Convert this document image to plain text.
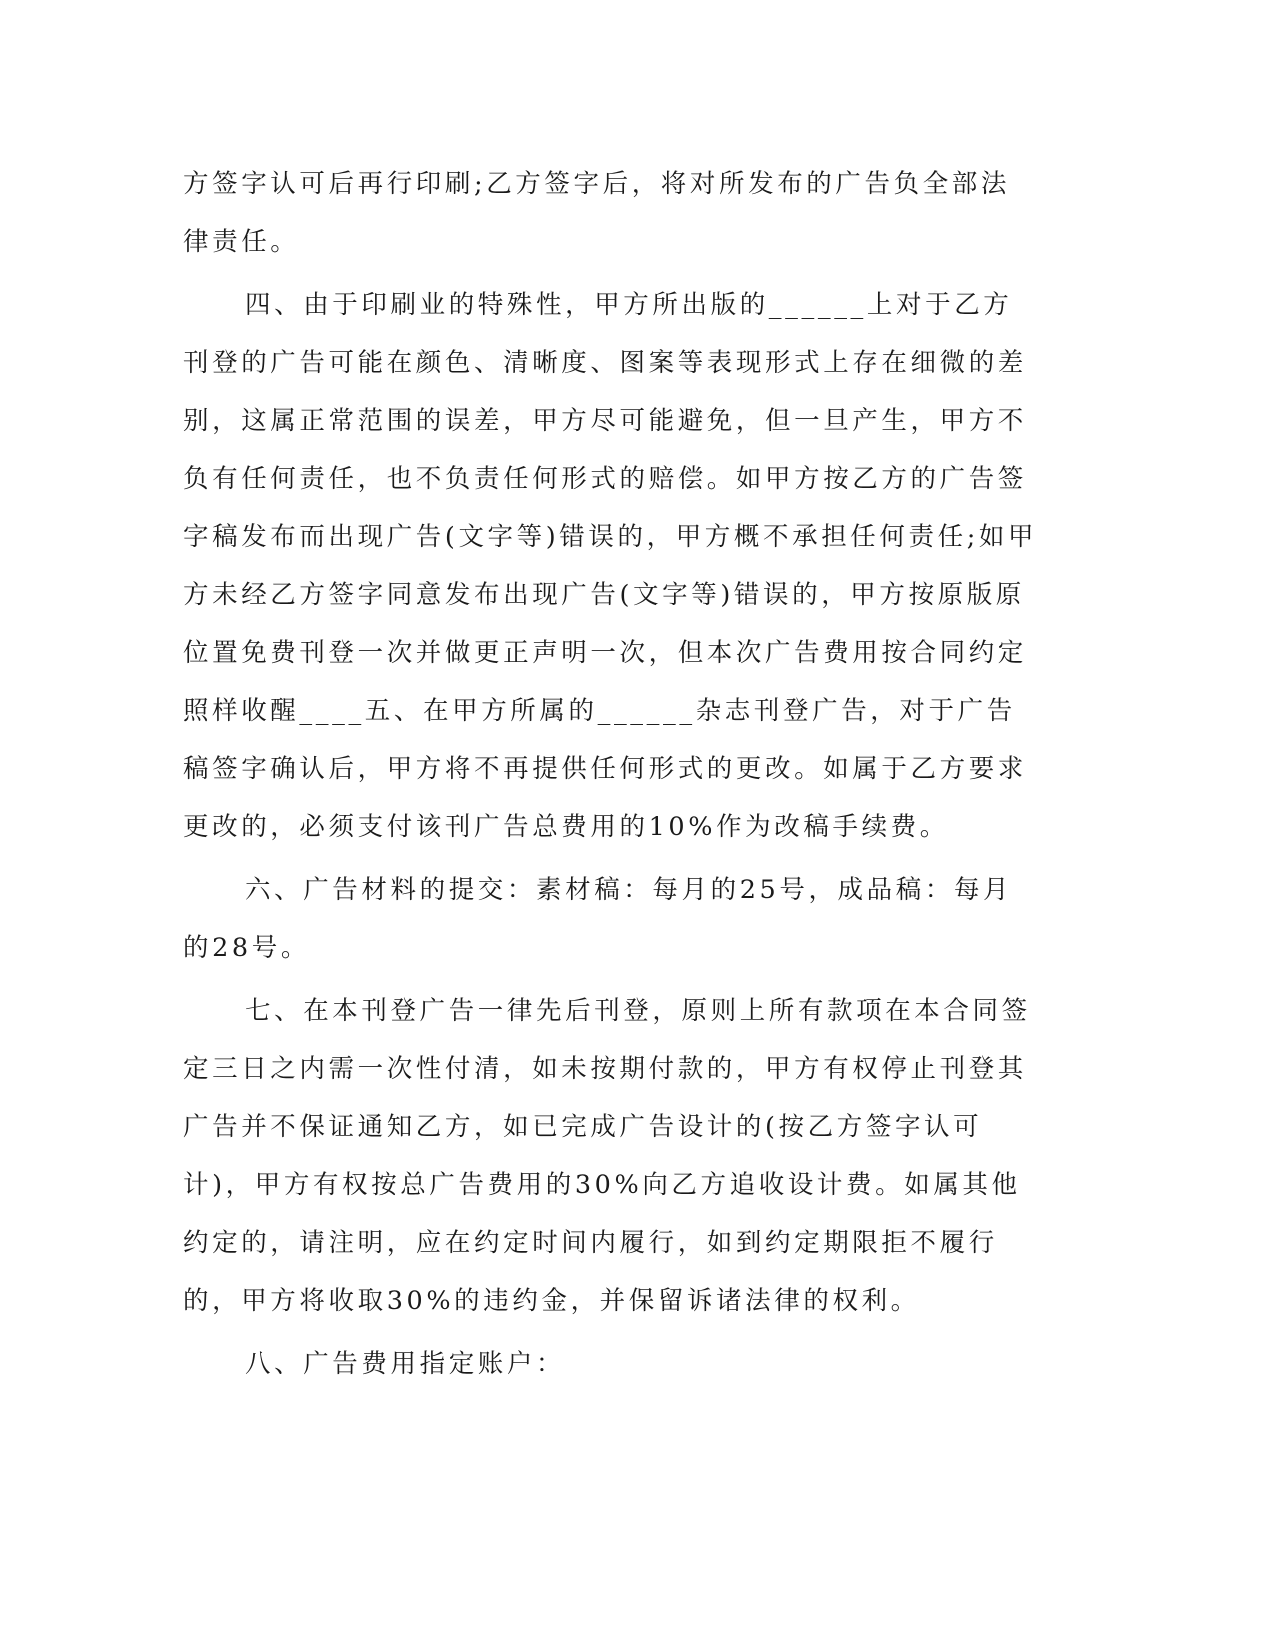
方签字认可后再行印刷;乙方签字后，将对所发布的广告负全部法律责任。

四、由于印刷业的特殊性，甲方所出版的______上对于乙方刊登的广告可能在颜色、清晰度、图案等表现形式上存在细微的差别，这属正常范围的误差，甲方尽可能避免，但一旦产生，甲方不负有任何责任，也不负责任何形式的赔偿。如甲方按乙方的广告签字稿发布而出现广告(文字等)错误的，甲方概不承担任何责任;如甲方未经乙方签字同意发布出现广告(文字等)错误的，甲方按原版原位置免费刊登一次并做更正声明一次，但本次广告费用按合同约定照样收醒____五、在甲方所属的______杂志刊登广告，对于广告稿签字确认后，甲方将不再提供任何形式的更改。如属于乙方要求更改的，必须支付该刊广告总费用的10%作为改稿手续费。

六、广告材料的提交：素材稿：每月的25号，成品稿：每月的28号。

七、在本刊登广告一律先后刊登，原则上所有款项在本合同签定三日之内需一次性付清，如未按期付款的，甲方有权停止刊登其广告并不保证通知乙方，如已完成广告设计的(按乙方签字认可计)，甲方有权按总广告费用的30%向乙方追收设计费。如属其他约定的，请注明，应在约定时间内履行，如到约定期限拒不履行的，甲方将收取30%的违约金，并保留诉诸法律的权利。

八、广告费用指定账户：
